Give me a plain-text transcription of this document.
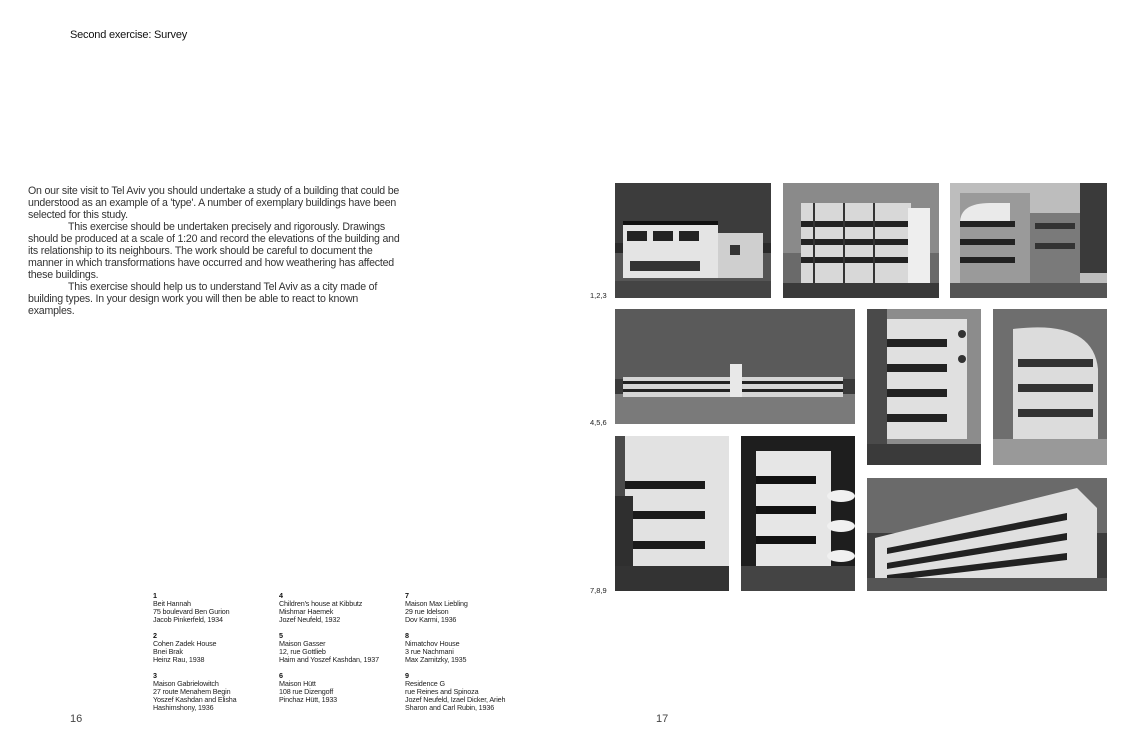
Second exercise: Survey

On our site visit to Tel Aviv you should undertake a study of a building that could be understood as an example of a 'type'. A number of exemplary buildings have been selected for this study.

This exercise should be undertaken precisely and rigorously. Drawings should be produced at a scale of 1:20 and record the elevations of the building and its relationship to its neighbours. The work should be careful to document the manner in which transformations have occurred and how weathering has affected these buildings.

This exercise should help us to understand Tel Aviv as a city made of building types. In your design work you will then be able to react to known examples.

1
Beit Hannah
75 boulevard Ben Gurion
Jacob Pinkerfeld, 1934
2
Cohen Zadek House
Bnei Brak
Heinz Rau, 1938
3
Maison Gabrielowitch
27 route Menahem Begin
Yoszef Kashdan and Elisha
Hashimshony, 1936
4
Children's house at Kibbutz
Mishmar Haemek
Jozef Neufeld, 1932
5
Maison Gasser
12, rue Gottlieb
Haim and Yoszef Kashdan, 1937
6
Maison Hütt
108 rue Dizengoff
Pinchaz Hütt, 1933
7
Maison Max Liebling
29 rue Idelson
Dov Karmi, 1936
8
Nimatchov House
3 rue Nachmani
Max Zarnitzky, 1935
9
Residence G
rue Reines and Spinoza
Jozef Neufeld, Izael Dicker, Arieh
Sharon and Carl Rubin, 1936
16	17
1,2,3
4,5,6
7,8,9
